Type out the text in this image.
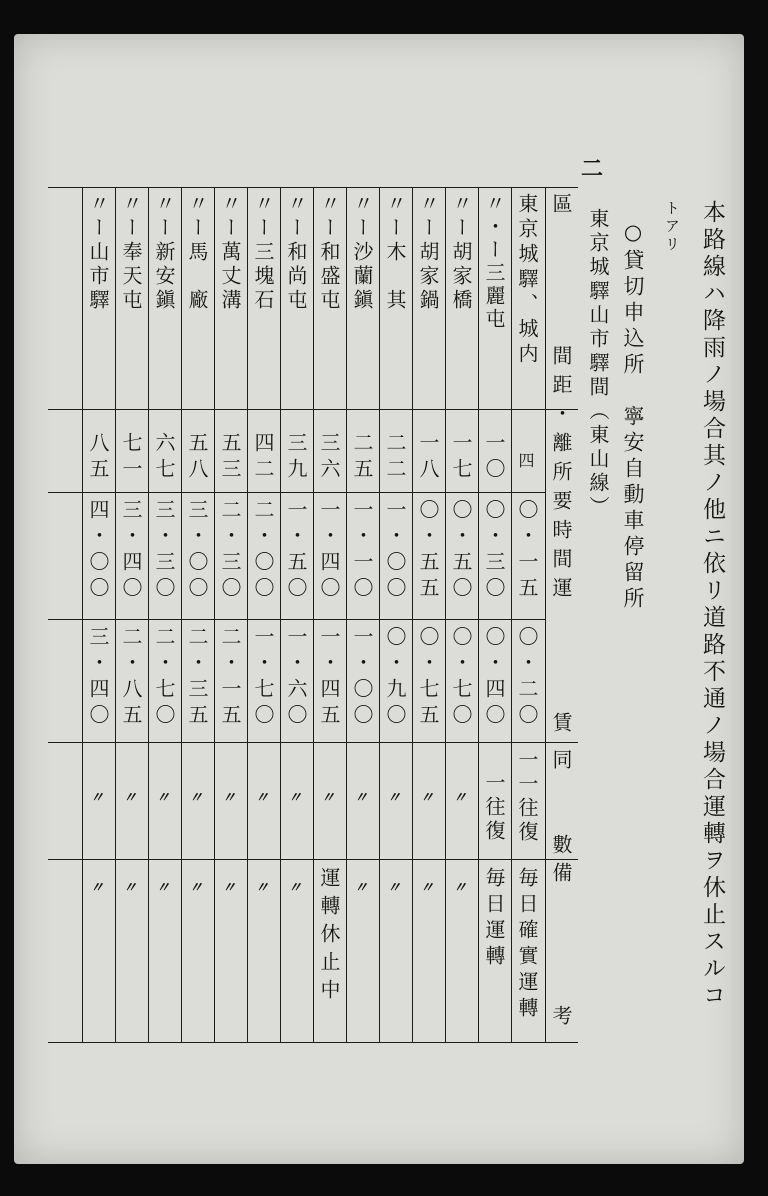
二
本路線ハ降雨ノ場合其ノ他ニ依リ道路不通ノ場合運轉ヲ休止スルコ
トアリ
○貸切申込所　寧安自動車停留所
東京城驛山市驛間（東山線）
區
間距・離所要時間運
賃
同
數
備
考
東京城驛、城内
四
〇・一五
〇・二〇
一一往復
毎日確實運轉
〃・ー三麗屯
一〇
〇・三〇
〇・四〇
一往復
毎日運轉
〃ー胡家橋
一七
〇・五〇
〇・七〇
〃
〃
〃ー胡家鍋
一八
〇・五五
〇・七五
〃
〃
〃ー木　其
二二
一・〇〇
〇・九〇
〃
〃
〃ー沙蘭鎭
二五
一・一〇
一・〇〇
〃
〃
〃ー和盛屯
三六
一・四〇
一・四五
〃
運轉休止中
〃ー和尚屯
三九
一・五〇
一・六〇
〃
〃
〃ー三塊石
四二
二・〇〇
一・七〇
〃
〃
〃ー萬丈溝
五三
二・三〇
二・一五
〃
〃
〃ー馬　廠
五八
三・〇〇
二・三五
〃
〃
〃ー新安鎭
六七
三・三〇
二・七〇
〃
〃
〃ー奉天屯
七一
三・四〇
二・八五
〃
〃
〃ー山市驛
八五
四・〇〇
三・四〇
〃
〃
